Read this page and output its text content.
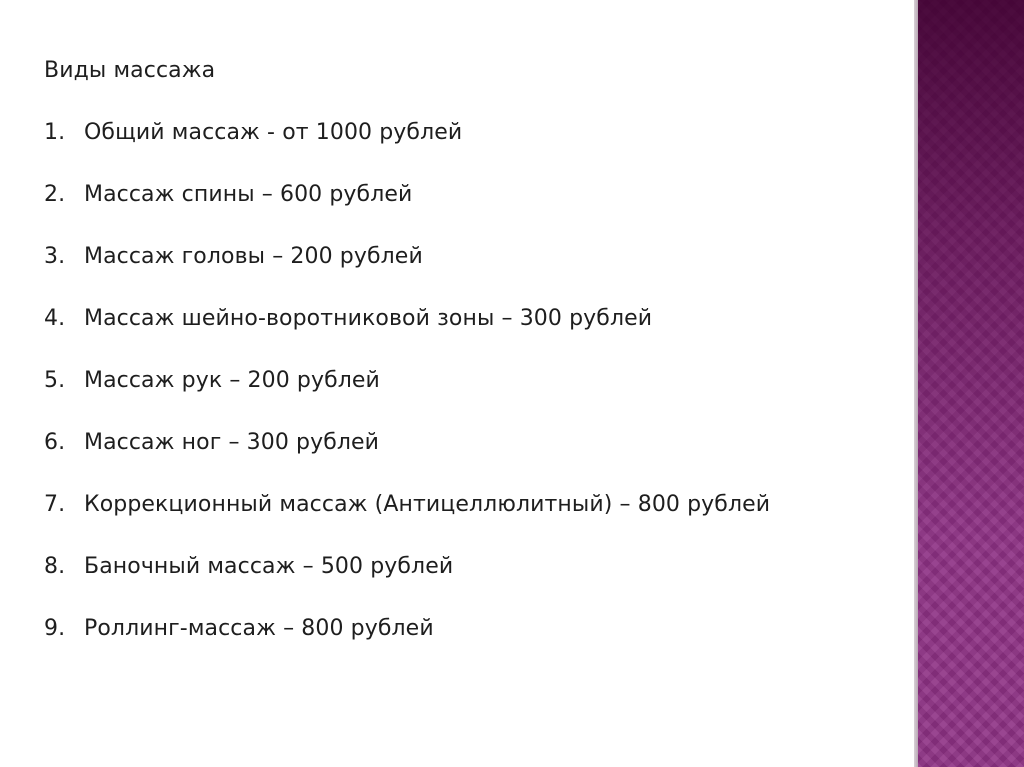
Виды массажа
1. Общий массаж - от 1000 рублей
2. Массаж спины – 600 рублей
3. Массаж головы – 200 рублей
4. Массаж шейно-воротниковой зоны – 300 рублей
5. Массаж рук – 200 рублей
6. Массаж ног – 300 рублей
7. Коррекционный массаж (Антицеллюлитный) – 800 рублей
8. Баночный массаж – 500 рублей
9. Роллинг-массаж – 800 рублей
